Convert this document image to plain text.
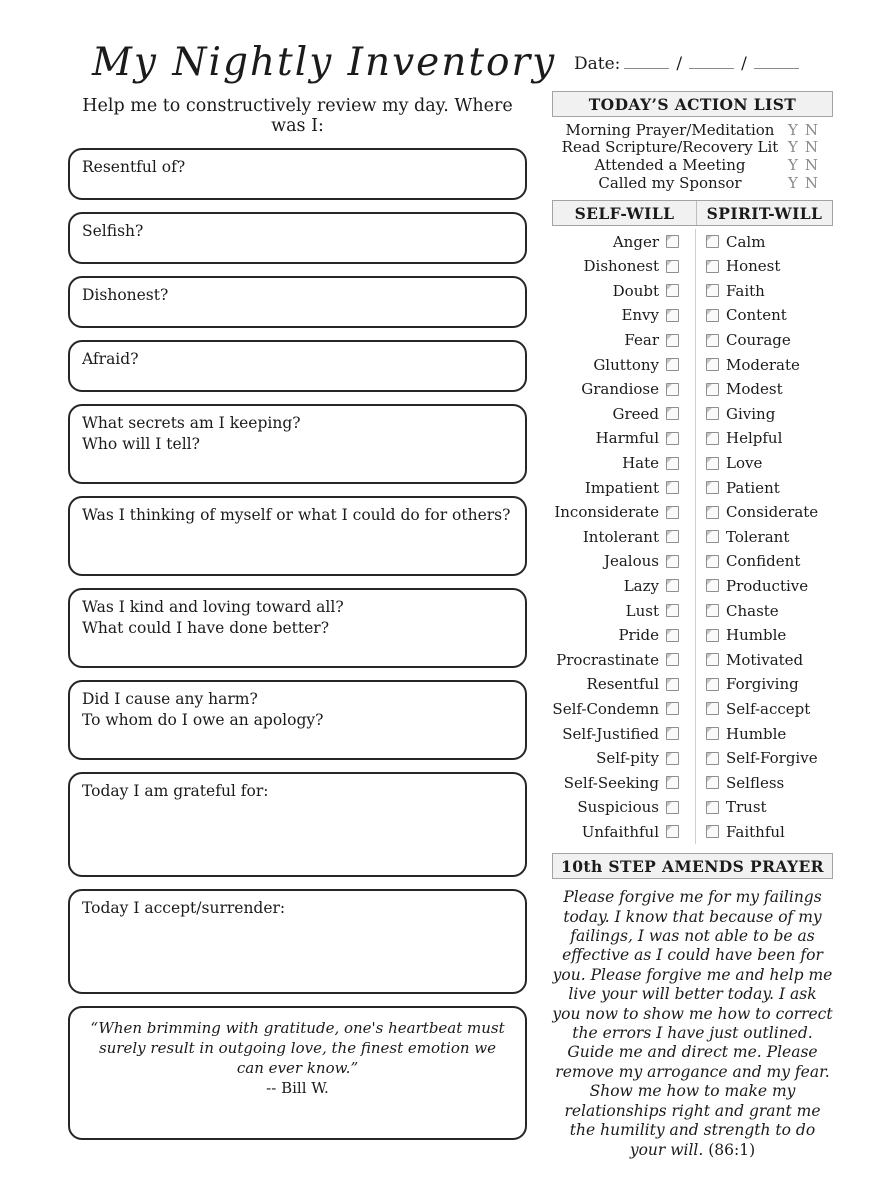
My Nightly Inventory
Help me to constructively review my day. Where was I:
Resentful of?
Selfish?
Dishonest?
Afraid?
What secrets am I keeping?
Who will I tell?
Was I thinking of myself or what I could do for others?
Was I kind and loving toward all?
What could I have done better?
Did I cause any harm?
To whom do I owe an apology?
Today I am grateful for:
Today I accept/surrender:
“When brimming with gratitude, one's heartbeat must surely result in outgoing love, the finest emotion we can ever know.”
-- Bill W.
Date:	/	/
TODAY’S ACTION LIST
Morning Prayer/Meditation Y N
Read Scripture/Recovery Lit Y N
Attended a Meeting	Y N
Called my Sponsor	Y N
SELF-WILL	SPIRIT-WILL
Anger	Calm
Dishonest	Honest
Doubt	Faith
Envy	Content
Fear	Courage
Gluttony	Moderate
Grandiose	Modest
Greed	Giving
Harmful	Helpful
Hate	Love
Impatient	Patient
Inconsiderate	Considerate
Intolerant	Tolerant
Jealous	Confident
Lazy	Productive
Lust	Chaste
Pride	Humble
Procrastinate	Motivated
Resentful	Forgiving
Self-Condemn	Self-accept
Self-Justified	Humble
Self-pity	Self-Forgive
Self-Seeking	Selfless
Suspicious	Trust
Unfaithful	Faithful
10th STEP AMENDS PRAYER

Please forgive me for my failings today. I know that because of my failings, I was not able to be as effective as I could have been for you. Please forgive me and help me live your will better today. I ask you now to show me how to correct the errors I have just outlined. Guide me and direct me. Please remove my arrogance and my fear. Show me how to make my relationships right and grant me the humility and strength to do your will. (86:1)
